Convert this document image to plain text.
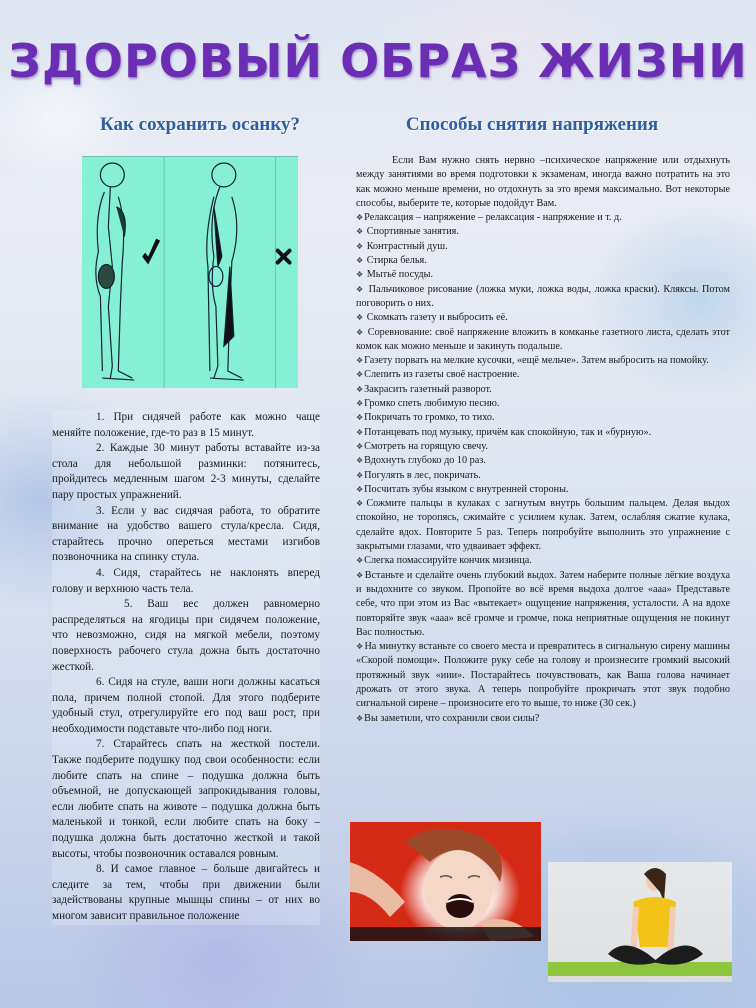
ЗДОРОВЫЙ ОБРАЗ ЖИЗНИ
Как сохранить осанку?	Способы снятия напряжения

1. При сидячей работе как можно чаще меняйте положение, где-то раз в 15 минут.

2. Каждые 30 минут работы вставайте из-за стола для небольшой разминки: потянитесь, пройдитесь медленным шагом 2-3 минуты, сделайте пару простых упражнений.

3. Если у вас сидячая работа, то обратите внимание на удобство вашего стула/кресла. Сидя, старайтесь прочно опереться местами изгибов позвоночника на спинку стула.

4. Сидя, старайтесь не наклонять вперед голову и верхнюю часть тела.

5. Ваш вес должен равномерно распределяться на ягодицы при сидячем положение, что невозможно, сидя на мягкой мебели, поэтому поверхность рабочего стула дожна быть достаточно жесткой.

6. Сидя на стуле, ваши ноги должны касаться пола, причем полной стопой. Для этого подберите удобный стул, отрегулируйте его под ваш рост, при необходимости подставьте что-либо под ноги.

7. Старайтесь спать на жесткой постели. Также подберите подушку под свои особенности: если любите спать на спине – подушка должна быть объемной, не допускающей запрокидывания головы, если любите спать на животе – подушка должна быть маленькой и тонкой, если любите спать на боку – подушка должна быть достаточно жесткой и такой высоты, чтобы позвоночник оставался ровным.

8. И самое главное – больше двигайтесь и следите за тем, чтобы при движении были задействованы крупные мышцы спины – от них во многом зависит правильное положение

Если Вам нужно снять нервно –психическое напряжение или отдыхнуть между занятиями во время подготовки к экзаменам, иногда важно потратить на это как можно меньше времени, но отдохнуть за это время максимально. Вот некоторые способы, выберите те, которые подойдут Вам.

❖ Релаксация – напряжение – релаксация - напряжение и т. д.

❖ Спортивные занятия.

❖ Контрастный душ.

❖ Стирка белья.

❖ Мытьё посуды.

❖ Пальчиковое рисование (ложка муки, ложка воды, ложка краски). Кляксы. Потом поговорить о них.

❖ Скомкать газету и выбросить её.

❖ Соревнование: своё напряжение вложить в комканье газетного листа, сделать этот комок как можно меньше и закинуть подальше.

❖ Газету порвать на мелкие кусочки, «ещё мельче». Затем выбросить на помойку.

❖ Слепить из газеты своё настроение.

❖ Закрасить газетный разворот.

❖ Громко спеть любимую песню.

❖ Покричать то громко, то тихо.

❖ Потанцевать под музыку, причём как спокойную, так и «бурную».

❖ Смотреть на горящую свечу.

❖ Вдохнуть глубоко до 10 раз.

❖ Погулять в лес, покричать.

❖ Посчитать зубы языком с внутренней стороны.

❖ Сожмите пальцы в кулаках с загнутым внутрь большим пальцем. Делая выдох спокойно, не торопясь, сжимайте с усилием кулак. Затем, ослабляя сжатие кулака, сделайте вдох. Повторите 5 раз. Теперь попробуйте выполнить это упражнение с закрытыми глазами, что удваивает эффект.

❖ Слегка помассируйте кончик мизинца.

❖ Встаньте и сделайте очень глубокий выдох. Затем наберите полные лёгкие воздуха и выдохните со звуком. Пропойте во всё время выдоха долгое «ааа» Представьте себе, что при этом из Вас «вытекает» ощущение напряжения, усталости. А на вдохе повторяйте звук «ааа» всё громче и громче, пока неприятные ощущения не покинут Вас полностью.

❖ На минутку встаньте со своего места и превратитесь в сигнальную сирену машины «Скорой помощи». Положите руку себе на голову и произнесите громкий высокий протяжный звук «иии». Постарайтесь почувствовать, как Ваша голова начинает дрожать от этого звука. А теперь попробуйте прокричать этот звук подобно сигнальной сирене – произносите его то выше, то ниже (30 сек.)

❖ Вы заметили, что сохранили свои силы?
